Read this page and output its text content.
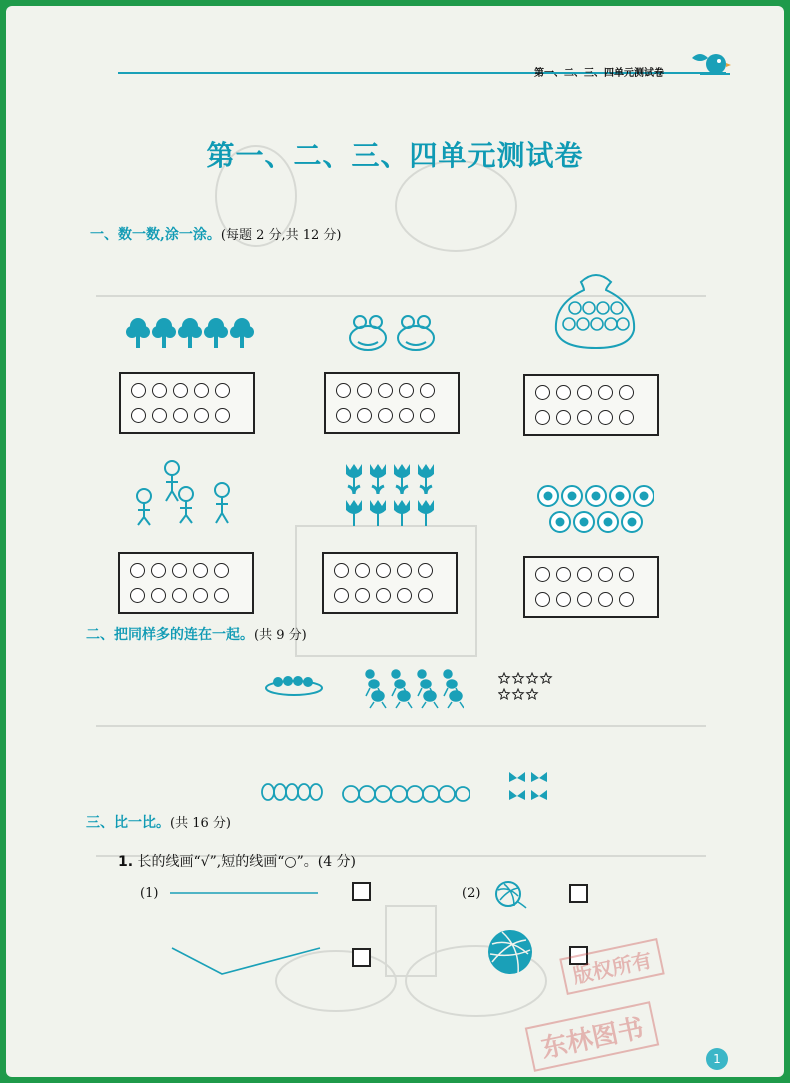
第一、二、三、四单元测试卷
第一、二、三、四单元测试卷
一、数一数,涂一涂。(每题 2 分,共 12 分)
二、把同样多的连在一起。(共 9 分)
三、比一比。(共 16 分)
1. 长的线画“√”,短的线画“○”。(4 分)
(1)	(2)
版权所有
东林图书	1
